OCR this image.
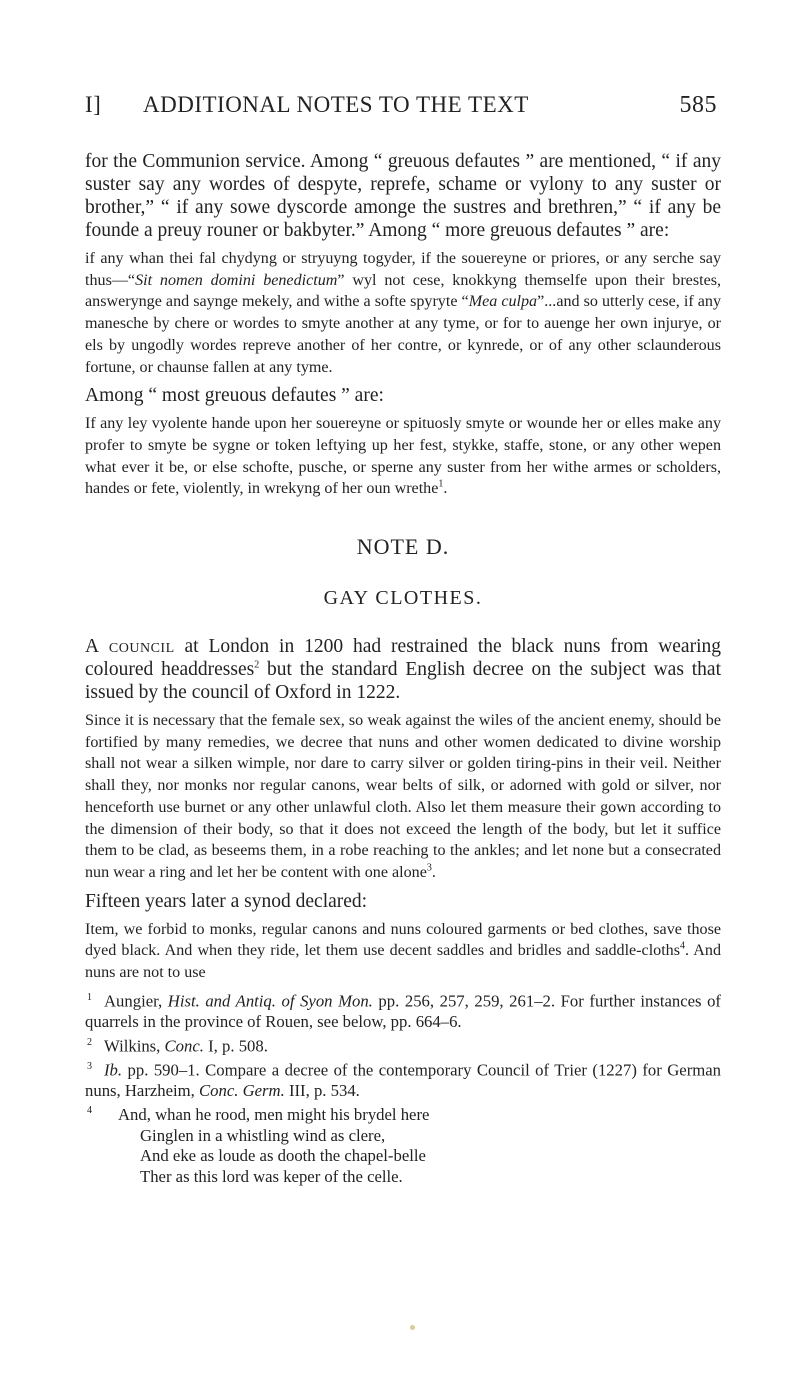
I] ADDITIONAL NOTES TO THE TEXT	585

for the Communion service. Among “ greuous defautes ” are mentioned, “ if any suster say any wordes of despyte, reprefe, schame or vylony to any suster or brother,” “ if any sowe dyscorde amonge the sustres and brethren,” “ if any be founde a preuy rouner or bakbyter.” Among “ more greuous defautes ” are:

if any whan thei fal chydyng or stryuyng togyder, if the souereyne or priores, or any serche say thus—“Sit nomen domini benedictum” wyl not cese, knokkyng themselfe upon their brestes, answerynge and saynge mekely, and withe a softe spyryte “Mea culpa”...and so utterly cese, if any manesche by chere or wordes to smyte another at any tyme, or for to auenge her own injurye, or els by ungodly wordes repreve another of her contre, or kynrede, or of any other sclaunderous fortune, or chaunse fallen at any tyme.

Among “ most greuous defautes ” are:

If any ley vyolente hande upon her souereyne or spituosly smyte or wounde her or elles make any profer to smyte be sygne or token leftying up her fest, stykke, staffe, stone, or any other wepen what ever it be, or else schofte, pusche, or sperne any suster from her withe armes or scholders, handes or fete, violently, in wrekyng of her oun wrethe$^1$.

NOTE D.
GAY CLOTHES.

A council at London in 1200 had restrained the black nuns from wearing coloured headdresses$^2$ but the standard English decree on the subject was that issued by the council of Oxford in 1222.

Since it is necessary that the female sex, so weak against the wiles of the ancient enemy, should be fortified by many remedies, we decree that nuns and other women dedicated to divine worship shall not wear a silken wimple, nor dare to carry silver or golden tiring-pins in their veil. Neither shall they, nor monks nor regular canons, wear belts of silk, or adorned with gold or silver, nor henceforth use burnet or any other unlawful cloth. Also let them measure their gown according to the dimension of their body, so that it does not exceed the length of the body, but let it suffice them to be clad, as beseems them, in a robe reaching to the ankles; and let none but a consecrated nun wear a ring and let her be content with one alone$^3$.

Fifteen years later a synod declared:

Item, we forbid to monks, regular canons and nuns coloured garments or bed clothes, save those dyed black. And when they ride, let them use decent saddles and bridles and saddle-cloths$^4$. And nuns are not to use

$^1$ Aungier, Hist. and Antiq. of Syon Mon. pp. 256, 257, 259, 261–2. For further instances of quarrels in the province of Rouen, see below, pp. 664–6.

$^2$ Wilkins, Conc. I, p. 508.

$^3$ Ib. pp. 590–1. Compare a decree of the contemporary Council of Trier (1227) for German nuns, Harzheim, Conc. Germ. III, p. 534.

$^4$ And, whan he rood, men might his brydel here

Ginglen in a whistling wind as clere,

And eke as loude as dooth the chapel-belle

Ther as this lord was keper of the celle.
